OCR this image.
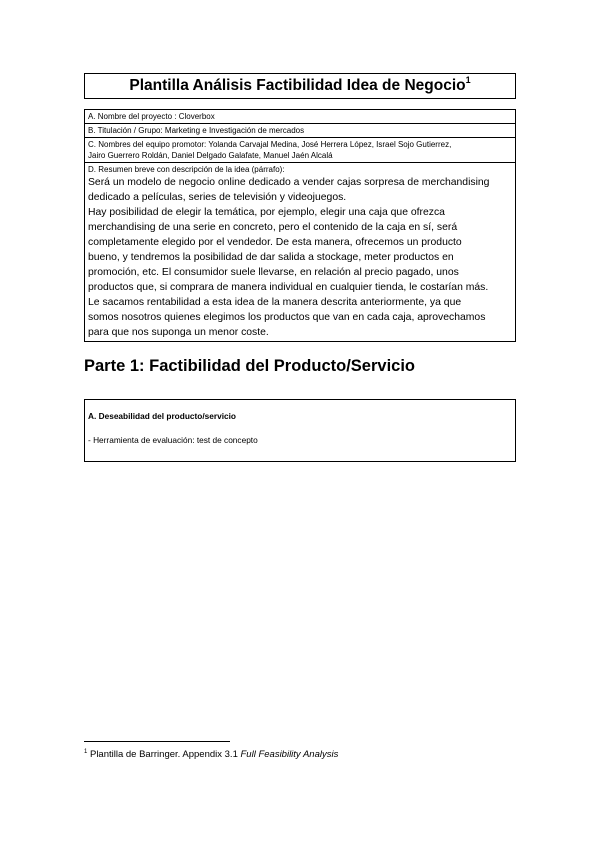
Plantilla Análisis Factibilidad Idea de Negocio$^1$
A. Nombre del proyecto : Cloverbox
B. Titulación / Grupo: Marketing e Investigación de mercados

C. Nombres del equipo promotor: Yolanda Carvajal Medina, José Herrera López, Israel Sojo Gutierrez,
Jairo Guerrero Roldán, Daniel Delgado Galafate, Manuel Jaén Alcalá

D. Resumen breve con descripción de la idea (párrafo):
Será un modelo de negocio online dedicado a vender cajas sorpresa de merchandising
dedicado a películas, series de televisión y videojuegos.
Hay posibilidad de elegir la temática, por ejemplo, elegir una caja que ofrezca
merchandising de una serie en concreto, pero el contenido de la caja en sí, será
completamente elegido por el vendedor. De esta manera, ofrecemos un producto
bueno, y tendremos la posibilidad de dar salida a stockage, meter productos en
promoción, etc. El consumidor suele llevarse, en relación al precio pagado, unos
productos que, si comprara de manera individual en cualquier tienda, le costarían más.
Le sacamos rentabilidad a esta idea de la manera descrita anteriormente, ya que
somos nosotros quienes elegimos los productos que van en cada caja, aprovechamos
para que nos suponga un menor coste.
Parte 1: Factibilidad del Producto/Servicio
A. Deseabilidad del producto/servicio
- Herramienta de evaluación: test de concepto
$^1$ Plantilla de Barringer. Appendix 3.1 Full Feasibility Analysis
